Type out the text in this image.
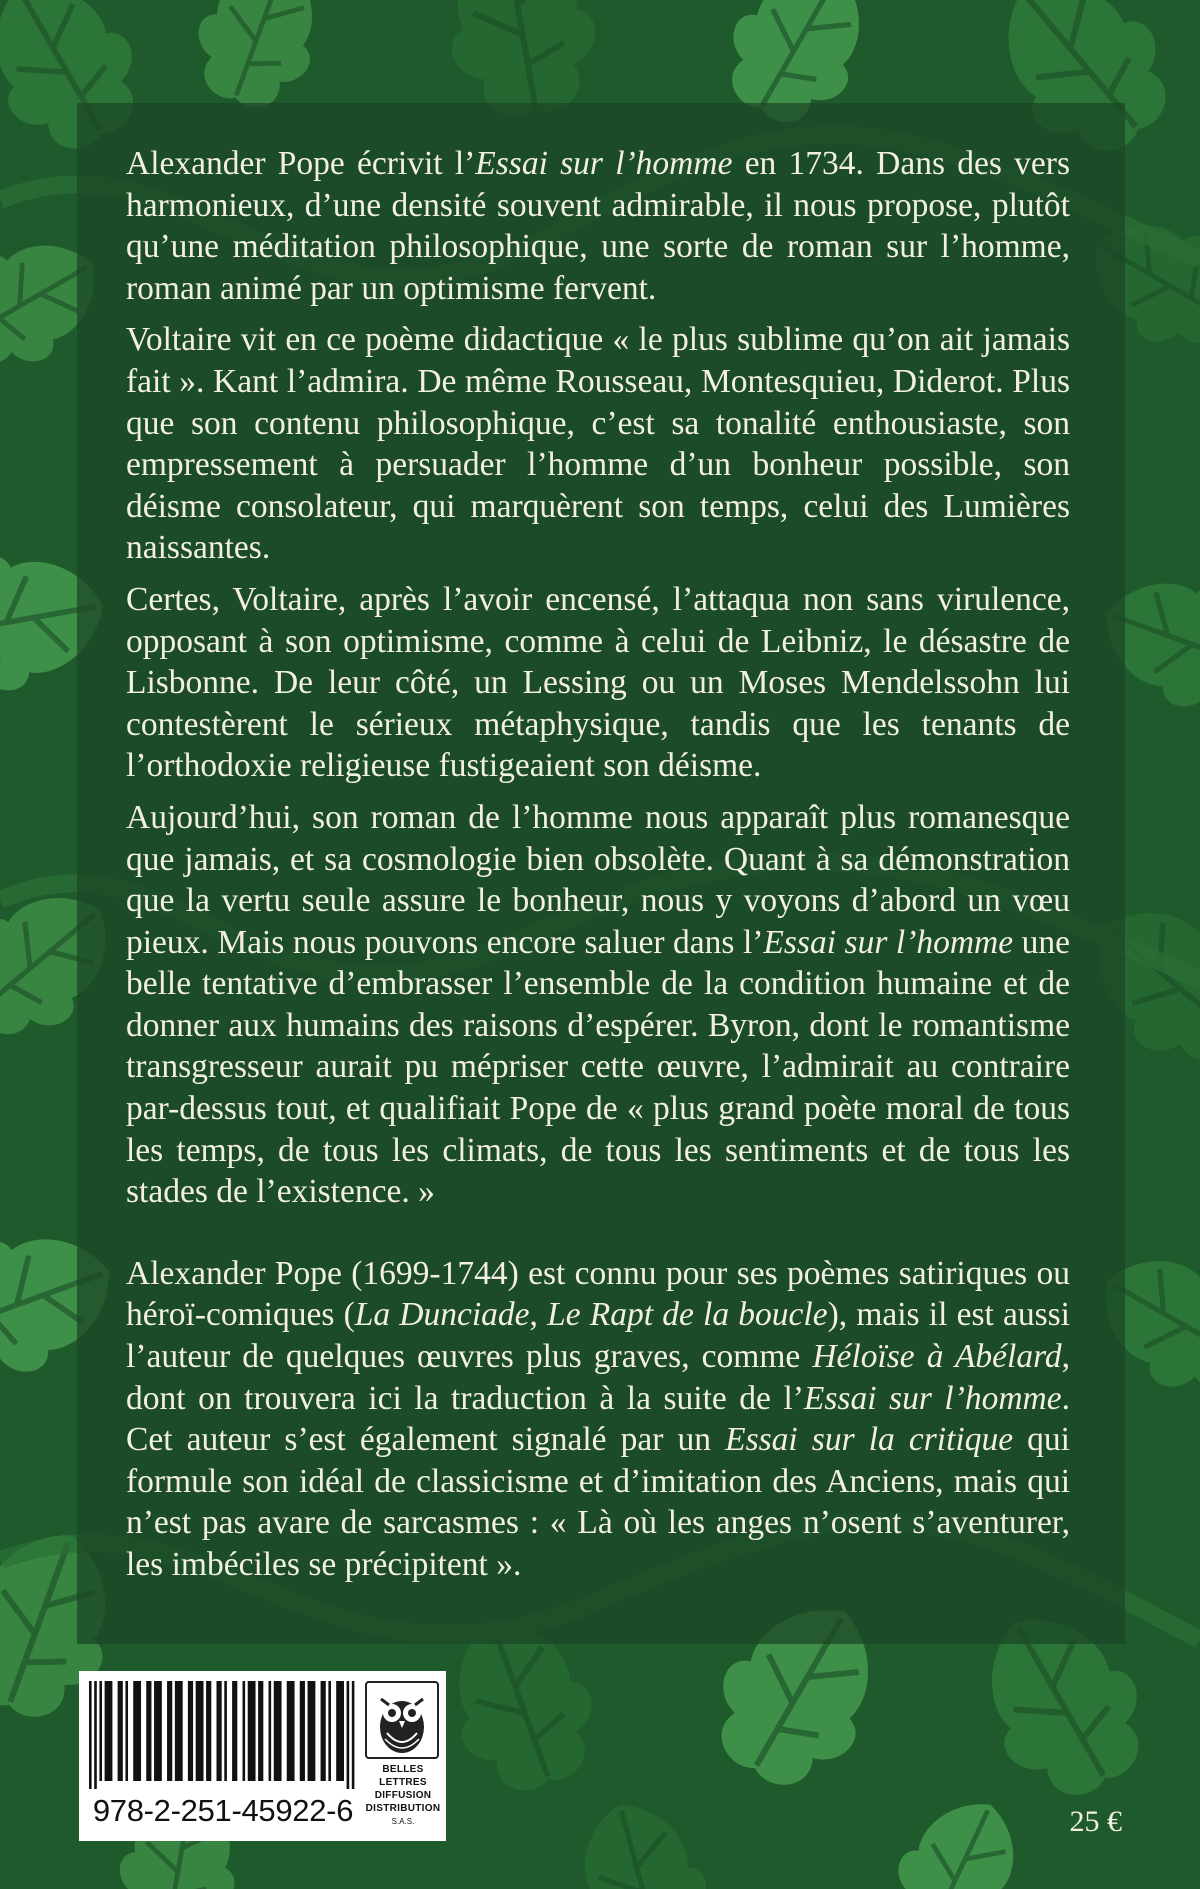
Alexander Pope écrivit l’Essai sur l’homme en 1734. Dans des vers harmonieux, d’une densité souvent admirable, il nous propose, plutôt qu’une méditation philosophique, une sorte de roman sur l’homme, roman animé par un optimisme fervent.

Voltaire vit en ce poème didactique « le plus sublime qu’on ait jamais fait ». Kant l’admira. De même Rousseau, Montesquieu, Diderot. Plus que son contenu philosophique, c’est sa tonalité enthousiaste, son empressement à persuader l’homme d’un bonheur possible, son déisme consolateur, qui marquèrent son temps, celui des Lumières naissantes.

Certes, Voltaire, après l’avoir encensé, l’attaqua non sans virulence, opposant à son optimisme, comme à celui de Leibniz, le désastre de Lisbonne. De leur côté, un Lessing ou un Moses Mendelssohn lui contestèrent le sérieux métaphysique, tandis que les tenants de l’orthodoxie religieuse fustigeaient son déisme.

Aujourd’hui, son roman de l’homme nous apparaît plus romanesque que jamais, et sa cosmologie bien obsolète. Quant à sa démonstration que la vertu seule assure le bonheur, nous y voyons d’abord un vœu pieux. Mais nous pouvons encore saluer dans l’Essai sur l’homme une belle tentative d’embrasser l’ensemble de la condition humaine et de donner aux humains des raisons d’espérer. Byron, dont le romantisme transgresseur aurait pu mépriser cette œuvre, l’admirait au contraire par-dessus tout, et qualifiait Pope de « plus grand poète moral de tous les temps, de tous les climats, de tous les sentiments et de tous les stades de l’existence. »

Alexander Pope (1699-1744) est connu pour ses poèmes satiriques ou héroï-comiques (La Dunciade, Le Rapt de la boucle), mais il est aussi l’auteur de quelques œuvres plus graves, comme Héloïse à Abélard, dont on trouvera ici la traduction à la suite de l’Essai sur l’homme. Cet auteur s’est également signalé par un Essai sur la critique qui formule son idéal de classicisme et d’imitation des Anciens, mais qui n’est pas avare de sarcasmes : « Là où les anges n’osent s’aventurer, les imbéciles se précipitent ».

978-2-251-45922-6
BELLES LETTRES
DIFFUSION
DISTRIBUTION
S.A.S.	25 €
